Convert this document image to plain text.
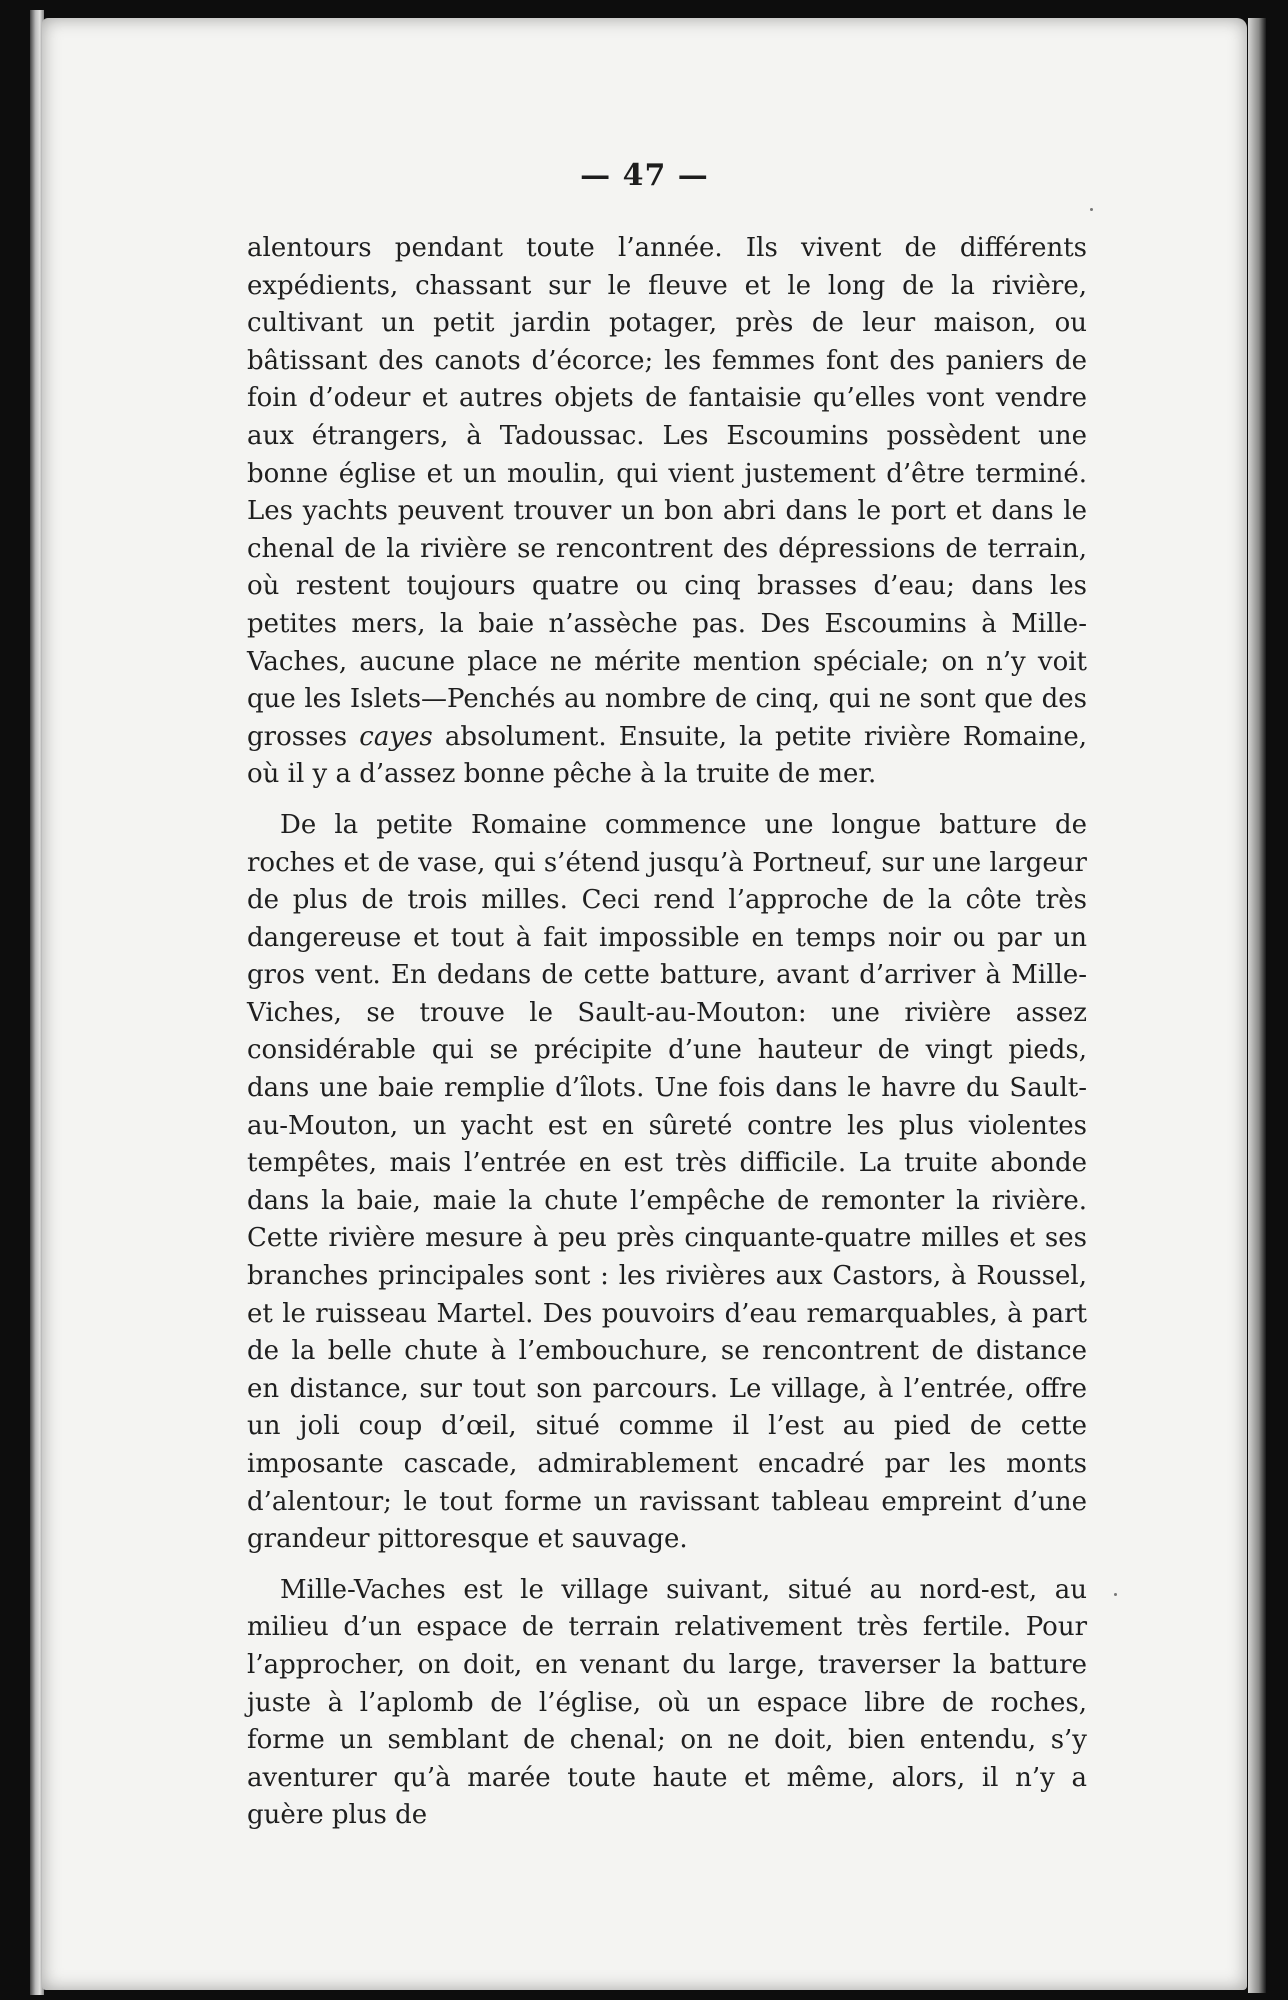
— 47 —

alentours pendant toute l’année. Ils vivent de différents expédients, chassant sur le fleuve et le long de la rivière, cultivant un petit jardin potager, près de leur maison, ou bâtissant des canots d’écorce; les femmes font des paniers de foin d’odeur et autres objets de fantaisie qu’elles vont vendre aux étrangers, à Tadoussac. Les Escoumins possèdent une bonne église et un moulin, qui vient justement d’être terminé. Les yachts peuvent trouver un bon abri dans le port et dans le chenal de la rivière se rencontrent des dépressions de terrain, où restent toujours quatre ou cinq brasses d’eau; dans les petites mers, la baie n’assèche pas. Des Escoumins à Mille-Vaches, aucune place ne mérite mention spéciale; on n’y voit que les Islets—Penchés au nombre de cinq, qui ne sont que des grosses cayes absolument. Ensuite, la petite rivière Romaine, où il y a d’assez bonne pêche à la truite de mer.

De la petite Romaine commence une longue batture de roches et de vase, qui s’étend jusqu’à Portneuf, sur une largeur de plus de trois milles. Ceci rend l’approche de la côte très dangereuse et tout à fait impossible en temps noir ou par un gros vent. En dedans de cette batture, avant d’arriver à Mille-Viches, se trouve le Sault-au-Mouton: une rivière assez considérable qui se précipite d’une hauteur de vingt pieds, dans une baie remplie d’îlots. Une fois dans le havre du Sault-au-Mouton, un yacht est en sûreté contre les plus violentes tempêtes, mais l’entrée en est très difficile. La truite abonde dans la baie, maie la chute l’empêche de remonter la rivière. Cette rivière mesure à peu près cinquante-quatre milles et ses branches principales sont : les rivières aux Castors, à Roussel, et le ruisseau Martel. Des pouvoirs d’eau remarquables, à part de la belle chute à l’embouchure, se rencontrent de distance en distance, sur tout son parcours. Le village, à l’entrée, offre un joli coup d’œil, situé comme il l’est au pied de cette imposante cascade, admirablement encadré par les monts d’alentour; le tout forme un ravissant tableau empreint d’une grandeur pittoresque et sauvage.

Mille-Vaches est le village suivant, situé au nord-est, au milieu d’un espace de terrain relativement très fertile. Pour l’approcher, on doit, en venant du large, traverser la batture juste à l’aplomb de l’église, où un espace libre de roches, forme un semblant de chenal; on ne doit, bien entendu, s’y aventurer qu’à marée toute haute et même, alors, il n’y a guère plus de
